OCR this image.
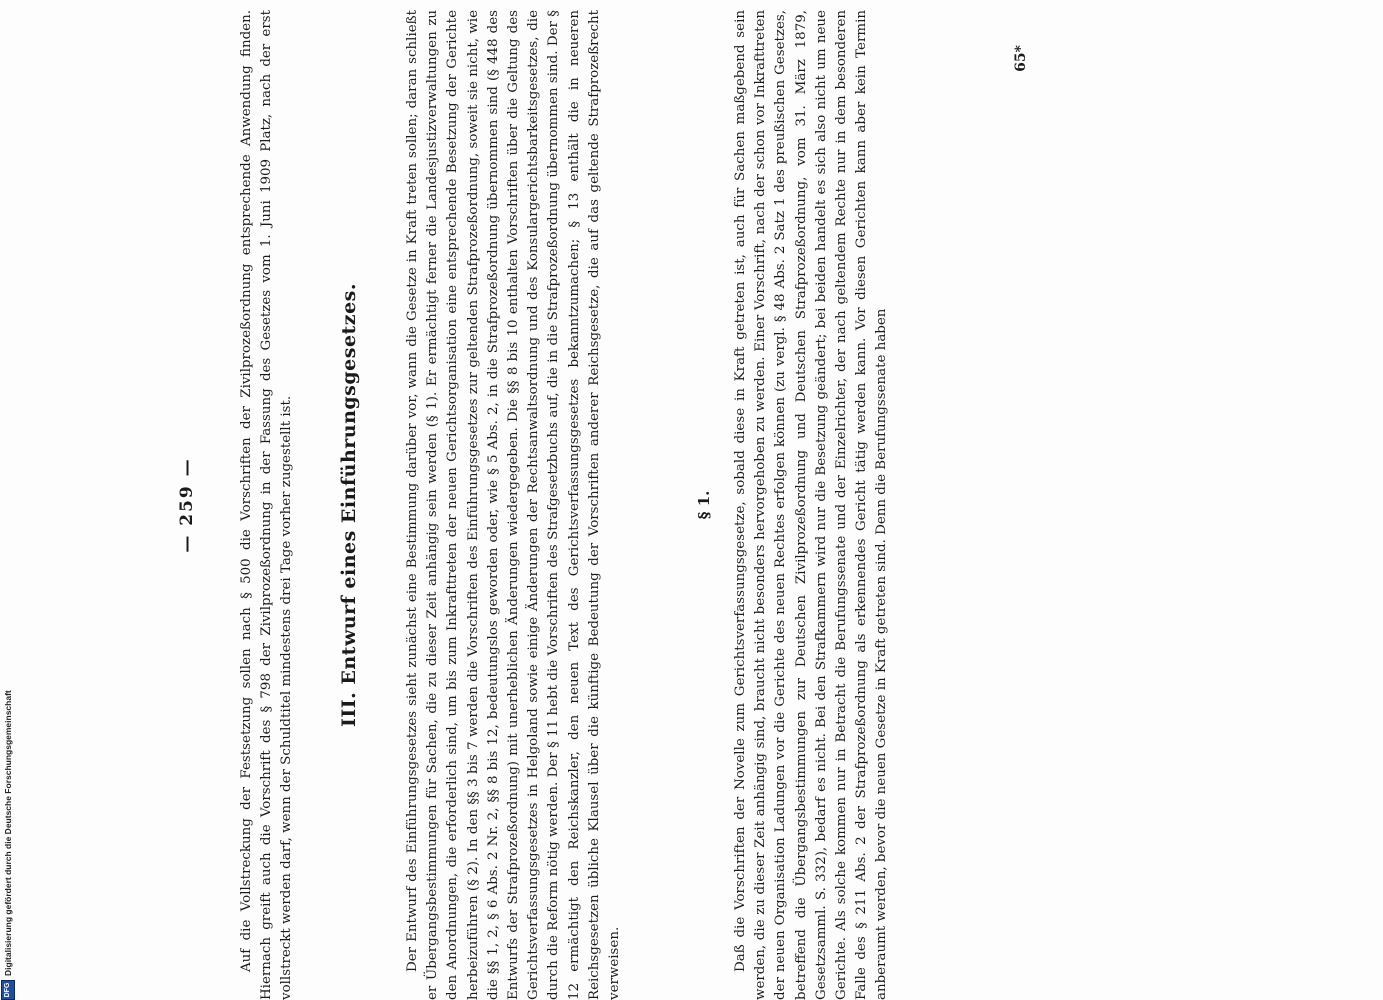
— 259 —	Auf die Vollstreckung der Festsetzung sollen nach § 500 die Vorschriften der Zivilprozeßordnung entsprechende Anwendung finden. Hiernach greift auch die Vorschrift des § 798 der Zivilprozeßordnung in der Fassung des Gesetzes vom 1. Juni 1909 Platz, nach der erst vollstreckt werden darf, wenn der Schuldtitel mindestens drei Tage vorher zugestellt ist. III. Entwurf eines Einführungsgesetzes.	Der Entwurf des Einführungsgesetzes sieht zunächst eine Bestimmung darüber vor, wann die Gesetze in Kraft treten sollen; daran schließt er Übergangsbestimmungen für Sachen, die zu dieser Zeit anhängig sein werden (§ 1). Er ermächtigt ferner die Landesjustizverwaltungen zu den Anordnungen, die erforderlich sind, um bis zum Inkrafttreten der neuen Gerichtsorganisation eine entsprechende Besetzung der Gerichte herbeizuführen (§ 2). In den §§ 3 bis 7 werden die Vorschriften des Einführungsgesetzes zur geltenden Strafprozeßordnung, soweit sie nicht, wie die §§ 1, 2, § 6 Abs. 2 Nr. 2, §§ 8 bis 12, bedeutungslos geworden oder, wie § 5 Abs. 2, in die Strafprozeßordnung übernommen sind (§ 448 des Entwurfs der Strafprozeßordnung) mit unerheblichen Änderungen wiedergegeben. Die §§ 8 bis 10 enthalten Vorschriften über die Geltung des Gerichtsverfassungsgesetzes in Helgoland sowie einige Änderungen der Rechtsanwaltsordnung und des Konsulargerichtsbarkeitsgesetzes, die durch die Reform nötig werden. Der § 11 hebt die Vorschriften des Strafgesetzbuchs auf, die in die Strafprozeßordnung übernommen sind. Der § 12 ermächtigt den Reichskanzler, den neuen Text des Gerichtsverfassungsgesetzes bekanntzumachen; § 13 enthält die in neueren Reichsgesetzen übliche Klausel über die künftige Bedeutung der Vorschriften anderer Reichsgesetze, die auf das geltende Strafprozeßrecht verweisen.

§ 1. Daß die Vorschriften der Novelle zum Gerichtsverfassungsgesetze, sobald diese in Kraft getreten ist, auch für Sachen maßgebend sein werden, die zu dieser Zeit anhängig sind, braucht nicht besonders hervorgehoben zu werden. Einer Vorschrift, nach der schon vor Inkrafttreten der neuen Organisation Ladungen vor die Gerichte des neuen Rechtes erfolgen können (zu vergl. § 48 Abs. 2 Satz 1 des preußischen Gesetzes, betreffend die Übergangsbestimmungen zur Deutschen Zivilprozeßordnung und Deutschen Strafprozeßordnung, vom 31. März 1879, Gesetzsamml. S. 332), bedarf es nicht. Bei den Strafkammern wird nur die Besetzung geändert; bei beiden handelt es sich also nicht um neue Gerichte. Als solche kommen nur in Betracht die Berufungssenate und der Einzelrichter, der nach geltendem Rechte nur in dem besonderen Falle des § 211 Abs. 2 der Strafprozeßordnung als erkennendes Gericht tätig werden kann. Vor diesen Gerichten kann aber kein Termin anberaumt werden, bevor die neuen Gesetze in Kraft getreten sind. Denn die Berufungssenate haben

65*
DFG
Digitalisierung gefördert durch die Deutsche Forschungsgemeinschaft
